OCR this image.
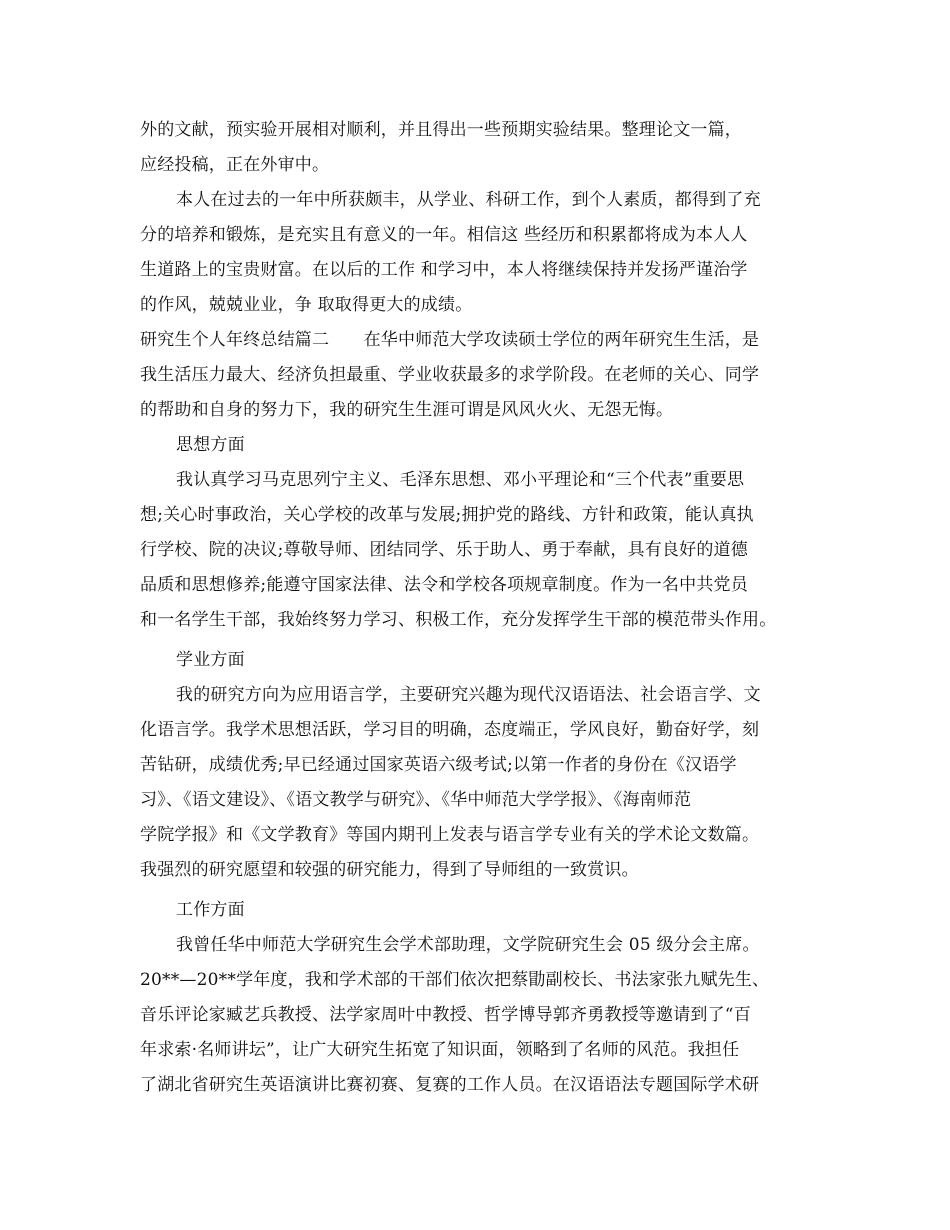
外的文献，预实验开展相对顺利，并且得出一些预期实验结果。整理论文一篇，
应经投稿，正在外审中。
本人在过去的一年中所获颇丰，从学业、科研工作，到个人素质，都得到了充
分的培养和锻炼，是充实且有意义的一年。相信这 些经历和积累都将成为本人人
生道路上的宝贵财富。在以后的工作 和学习中，本人将继续保持并发扬严谨治学
的作风，兢兢业业，争 取取得更大的成绩。
研究生个人年终总结篇二　　在华中师范大学攻读硕士学位的两年研究生生活，是
我生活压力最大、经济负担最重、学业收获最多的求学阶段。在老师的关心、同学
的帮助和自身的努力下，我的研究生生涯可谓是风风火火、无怨无悔。
思想方面
我认真学习马克思列宁主义、毛泽东思想、邓小平理论和“三个代表”重要思
想;关心时事政治，关心学校的改革与发展;拥护党的路线、方针和政策，能认真执
行学校、院的决议;尊敬导师、团结同学、乐于助人、勇于奉献，具有良好的道德
品质和思想修养;能遵守国家法律、法令和学校各项规章制度。作为一名中共党员
和一名学生干部，我始终努力学习、积极工作，充分发挥学生干部的模范带头作用。
学业方面
我的研究方向为应用语言学，主要研究兴趣为现代汉语语法、社会语言学、文
化语言学。我学术思想活跃，学习目的明确，态度端正，学风良好，勤奋好学，刻
苦钻研，成绩优秀;早已经通过国家英语六级考试;以第一作者的身份在《汉语学
习》、《语文建设》、《语文教学与研究》、《华中师范大学学报》、《海南师范
学院学报》和《文学教育》等国内期刊上发表与语言学专业有关的学术论文数篇。
我强烈的研究愿望和较强的研究能力，得到了导师组的一致赏识。
工作方面
我曾任华中师范大学研究生会学术部助理，文学院研究生会 05 级分会主席。
20**—20**学年度，我和学术部的干部们依次把蔡勖副校长、书法家张九赋先生、
音乐评论家臧艺兵教授、法学家周叶中教授、哲学博导郭齐勇教授等邀请到了“百
年求索·名师讲坛”，让广大研究生拓宽了知识面，领略到了名师的风范。我担任
了湖北省研究生英语演讲比赛初赛、复赛的工作人员。在汉语语法专题国际学术研
